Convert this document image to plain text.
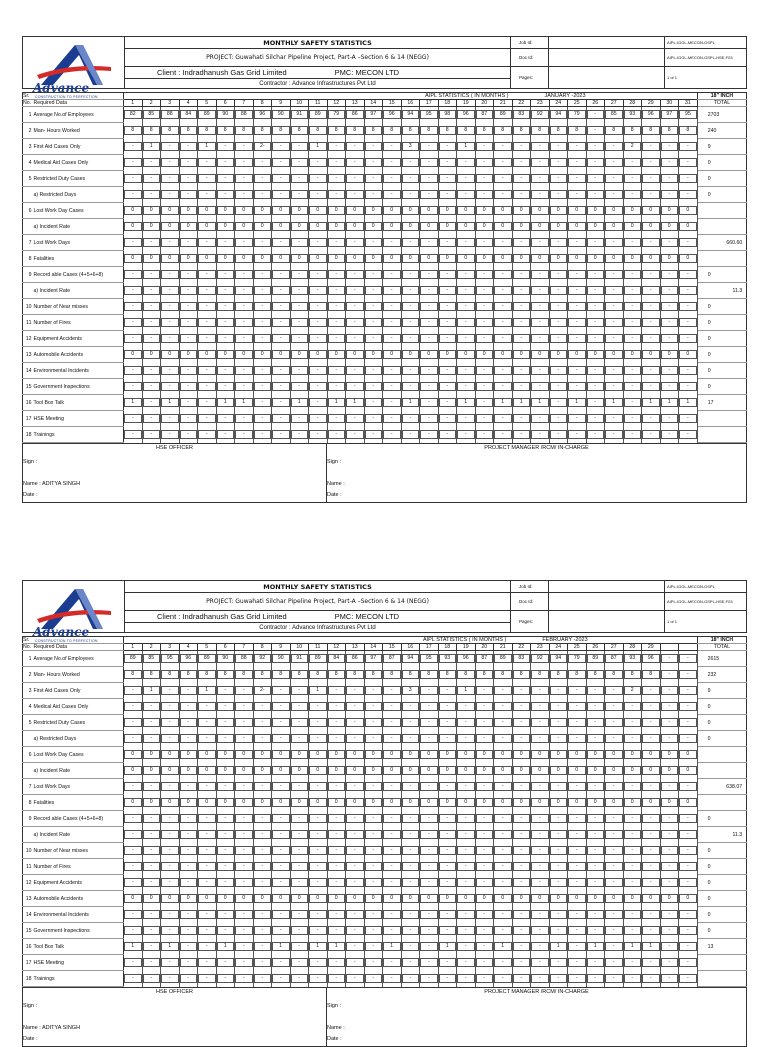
Advance
CONSTRUCTION TO PERFECTION	MONTHLY SAFETY STATISTICS	Job Id:		AIPL-IGGL-MECON-GSPL
	PROJECT: Guwahati Silchar Pipeline Project, Part-A –Section 6 & 14 (NEGG)	Doc Id:		AIPL-IGGL-MECON-GSPL-HSE-F03
	Client : Indradhanush Gas Grid Limited PMC: MECON LTD	Pages:		1 of 1
	Contractor : Advance Infrastructures Pvt Ltd			
Sr.		AIPL STATISTICS ( IN MONTHS ) JANUARY -2023																															18" INCH
No.	Required Data	1	2	3	4	5	6	7	8	9	10	11	12	13	14	15	16	17	18	19	20	21	22	23	24	25	26	27	28	29	30	31	TOTAL
1	Average No.of Employees	82	85	88	84	89	90	88	96	90	91	89	79	86	97	96	94	95	98	96	87	89	83	92	94	79	-	85	93	96	97	95	2703
2	Man- Hours Worked	8	8	8	8	8	8	8	8	8	8	8	8	8	8	8	8	8	8	8	8	8	8	8	8	8	-	8	8	8	8	8	240
3	First Aid Cases Only	-	1	-	-	1	-	-	2-	-	-	1	-	-	-	-	3	-	-	1	-	-	-	-	-	-	-	-	2	-	-	-	9
4	Medical Aid Cases Only	-	-	-	-	-	-	-	-	-	-	-	-	-	-	-	-	-	-	-	-	-	-	-	-	-	-	-	-	-	-	-	0
5	Restricted Duty Cases	-	-	-	-	-	-	-	-	-	-	-	-	-	-	-	-	-	-	-	-	-	-	-	-	-	-	-	-	-	-	-	0
	a) Restricted Days	-	-	-	-	-	-	-	-	-	-	-	-	-	-	-	-	-	-	-	-	-	-	-	-	-	-	-	-	-	-	-	0
6	Lost Work Day Cases	0	0	0	0	0	0	0	0	0	0	0	0	0	0	0	0	0	0	0	0	0	0	0	0	0	0	0	0	0	0	0	

	a) Incident Rate	0	0	0	0	0	0	0	0	0	0	0	0	0	0	0	0	0	0	0	0	0	0	0	0	0	0	0	0	0	0	0	

7	Lost Work Days	-	-	-	-	-	-	-	-	-	-	-	-	-	-	-	-	-	-	-	-	-	-	-	-	-	-	-	-	-	-	-	660.60
8	Fatalities	0	0	0	0	0	0	0	0	0	0	0	0	0	0	0	0	0	0	0	0	0	0	0	0	0	0	0	0	0	0	0	

9	Record able Cases (4+5+6+8)	-	-	-	-	-	-	-	-	-	-	-	-	-	-	-	-	-	-	-	-	-	-	-	-	-	-	-	-	-	-	-	0
	a) Incident Rate	-	-	-	-	-	-	-	-	-	-	-	-	-	-	-	-	-	-	-	-	-	-	-	-	-	-	-	-	-	-	-	11.3
10	Number of Near misses	-	-	-	-	-	-	-	-	-	-	-	-	-	-	-	-	-	-	-	-	-	-	-	-	-	-	-	-	-	-	-	0
11	Number of Fires	-	-	-	-	-	-	-	-	-	-	-	-	-	-	-	-	-	-	-	-	-	-	-	-	-	-	-	-	-	-	-	0
12	Equipment Accidents	-	-	-	-	-	-	-	-	-	-	-	-	-	-	-	-	-	-	-	-	-	-	-	-	-	-	-	-	-	-	-	0
13	Automobile Accidents	0	0	0	0	0	0	0	0	0	0	0	0	0	0	0	0	0	0	0	0	0	0	0	0	0	0	0	0	0	0	0	0
14	Environmental Incidents	-	-	-	-	-	-	-	-	-	-	-	-	-	-	-	-	-	-	-	-	-	-	-	-	-	-	-	-	-	-	-	0
15	Government Inspections	-	-	-	-	-	-	-	-	-	-	-	-	-	-	-	-	-	-	-	-	-	-	-	-	-	-	-	-	-	-	-	0
16	Tool Box Talk	1	-	1	-	-	1	1	-	-	1	-	1	1	-	-	1	-	-	1	-	1	1	1	-	1	-	1	-	1	1	1	17
17	HSE Meeting	-	-	-	-	-	-	-	-	-	-	-	-	-	-	-	-	-	-	-	-	-	-	-	-	-	-	-	-	-	-	-	

18	Trainings	-	-	-	-	-	-	-	-	-	-	-	-	-	-	-	-	-	-	-	-	-	-	-	-	-	-	-	-	-	-	-	

HSE OFFICER	PROJECT MANAGER /RCM/ IN-CHARGE
Sign :	Sign :
Name : ADITYA SINGH	Name :
Date :	Date :
Advance
CONSTRUCTION TO PERFECTION	MONTHLY SAFETY STATISTICS	Job Id:		AIPL-IGGL-MECON-GSPL
	PROJECT: Guwahati Silchar Pipeline Project, Part-A –Section 6 & 14 (NEGG)	Doc Id:		AIPL-IGGL-MECON-GSPL-HSE-F03
	Client : Indradhanush Gas Grid Limited PMC: MECON LTD	Pages:		1 of 1
	Contractor : Advance Infrastructures Pvt Ltd			
Sr.		AIPL STATISTICS ( IN MONTHS ) FEBRUARY -2023																															18" INCH
No.	Required Data	1	2	3	4	5	6	7	8	9	10	11	12	13	14	15	16	17	18	19	20	21	22	23	24	25	26	27	28	29			TOTAL
1	Average No.of Employees	89	85	95	96	89	90	88	92	90	91	89	84	86	97	87	94	95	93	96	87	89	83	92	94	79	89	87	93	96	-	-	2615
2	Man- Hours Worked	8	8	8	8	8	8	8	8	8	8	8	8	8	8	8	8	8	8	8	8	8	8	8	8	8	8	8	8	8	-	-	232
3	First Aid Cases Only	-	1	-	-	1	-	-	2-	-	-	1	-	-	-	-	3	-	-	1	-	-	-	-	-	-	-	-	2	-	-	-	9
4	Medical Aid Cases Only	-	-	-	-	-	-	-	-	-	-	-	-	-	-	-	-	-	-	-	-	-	-	-	-	-	-	-	-	-	-	-	0
5	Restricted Duty Cases	-	-	-	-	-	-	-	-	-	-	-	-	-	-	-	-	-	-	-	-	-	-	-	-	-	-	-	-	-	-	-	0
	a) Restricted Days	-	-	-	-	-	-	-	-	-	-	-	-	-	-	-	-	-	-	-	-	-	-	-	-	-	-	-	-	-	-	-	0
6	Lost Work Day Cases	0	0	0	0	0	0	0	0	0	0	0	0	0	0	0	0	0	0	0	0	0	0	0	0	0	0	0	0	0	0	0	

	a) Incident Rate	0	0	0	0	0	0	0	0	0	0	0	0	0	0	0	0	0	0	0	0	0	0	0	0	0	0	0	0	0	0	0	

7	Lost Work Days	-	-	-	-	-	-	-	-	-	-	-	-	-	-	-	-	-	-	-	-	-	-	-	-	-	-	-	-	-	-	-	638.07
8	Fatalities	0	0	0	0	0	0	0	0	0	0	0	0	0	0	0	0	0	0	0	0	0	0	0	0	0	0	0	0	0	0	0	

9	Record able Cases (4+5+6+8)	-	-	-	-	-	-	-	-	-	-	-	-	-	-	-	-	-	-	-	-	-	-	-	-	-	-	-	-	-	-	-	0
	a) Incident Rate	-	-	-	-	-	-	-	-	-	-	-	-	-	-	-	-	-	-	-	-	-	-	-	-	-	-	-	-	-	-	-	11.3
10	Number of Near misses	-	-	-	-	-	-	-	-	-	-	-	-	-	-	-	-	-	-	-	-	-	-	-	-	-	-	-	-	-	-	-	0
11	Number of Fires	-	-	-	-	-	-	-	-	-	-	-	-	-	-	-	-	-	-	-	-	-	-	-	-	-	-	-	-	-	-	-	0
12	Equipment Accidents	-	-	-	-	-	-	-	-	-	-	-	-	-	-	-	-	-	-	-	-	-	-	-	-	-	-	-	-	-	-	-	0
13	Automobile Accidents	0	0	0	0	0	0	0	0	0	0	0	0	0	0	0	0	0	0	0	0	0	0	0	0	0	0	0	0	0	0	0	0
14	Environmental Incidents	-	-	-	-	-	-	-	-	-	-	-	-	-	-	-	-	-	-	-	-	-	-	-	-	-	-	-	-	-	-	-	0
15	Government Inspections	-	-	-	-	-	-	-	-	-	-	-	-	-	-	-	-	-	-	-	-	-	-	-	-	-	-	-	-	-	-	-	0
16	Tool Box Talk	1	-	1	-	-	1	-	-	1	-	1	1	-	-	1	-	-	1	-	-	1	-	-	1	-	1	-	1	1	-	-	13
17	HSE Meeting	-	-	-	-	-	-	-	-	-	-	-	-	-	-	-	-	-	-	-	-	-	-	-	-	-	-	-	-	-	-	-	

18	Trainings	-	-	-	-	-	-	-	-	-	-	-	-	-	-	-	-	-	-	-	-	-	-	-	-	-	-	-	-	-	-	-	

HSE OFFICER	PROJECT MANAGER /RCM/ IN-CHARGE
Sign :	Sign :
Name : ADITYA SINGH	Name :
Date :	Date :
